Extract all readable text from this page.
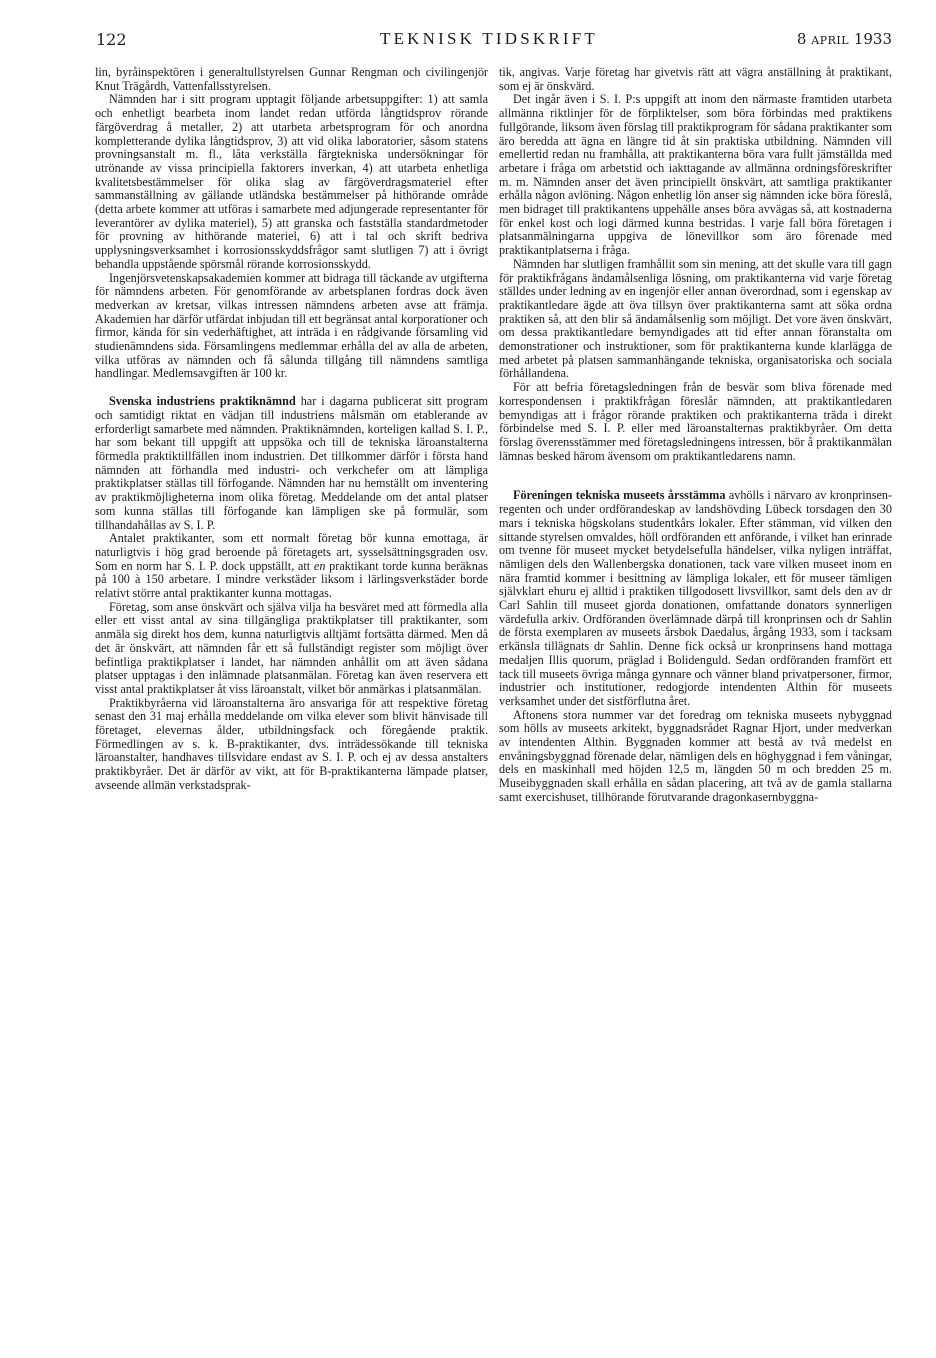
122	TEKNISK TIDSKRIFT	8 APRIL 1933

lin, byråinspektören i generaltullstyrelsen Gunnar Rengman och civilingenjör Knut Trägårdh, Vattenfallsstyrelsen.

Nämnden har i sitt program upptagit följande arbetsuppgifter: 1) att samla och enhetligt bearbeta inom landet redan utförda långtidsprov rörande färgöverdrag å metaller, 2) att utarbeta arbetsprogram för och anordna kompletterande dylika långtidsprov, 3) att vid olika laboratorier, såsom statens provningsanstalt m. fl., låta verkställa färgtekniska undersökningar för utrönande av vissa principiella faktorers inverkan, 4) att utarbeta enhetliga kvalitetsbestämmelser för olika slag av färgöverdragsmateriel efter sammanställning av gällande utländska bestämmelser på hithörande område (detta arbete kommer att utföras i samarbete med adjungerade representanter för leverantörer av dylika materiel), 5) att granska och fastställa standardmetoder för provning av hithörande materiel, 6) att i tal och skrift bedriva upplysningsverksamhet i korrosionsskyddsfrågor samt slutligen 7) att i övrigt behandla uppstående spörsmål rörande korrosionsskydd.

Ingenjörsvetenskapsakademien kommer att bidraga till täckande av utgifterna för nämndens arbeten. För genomförande av arbetsplanen fordras dock även medverkan av kretsar, vilkas intressen nämndens arbeten avse att främja. Akademien har därför utfärdat inbjudan till ett begränsat antal korporationer och firmor, kända för sin vederhäftighet, att inträda i en rådgivande församling vid studienämndens sida. Församlingens medlemmar erhålla del av alla de arbeten, vilka utföras av nämnden och få sålunda tillgång till nämndens samtliga handlingar. Medlemsavgiften är 100 kr.

Svenska industriens praktiknämnd har i dagarna publicerat sitt program och samtidigt riktat en vädjan till industriens målsmän om etablerande av erforderligt samarbete med nämnden. Praktiknämnden, korteligen kallad S. I. P., har som bekant till uppgift att uppsöka och till de tekniska läroanstalterna förmedla praktiktillfällen inom industrien. Det tillkommer därför i första hand nämnden att förhandla med industri- och verkchefer om att lämpliga praktikplatser ställas till förfogande. Nämnden har nu hemställt om inventering av praktikmöjligheterna inom olika företag. Meddelande om det antal platser som kunna ställas till förfogande kan lämpligen ske på formulär, som tillhandahållas av S. I. P.

Antalet praktikanter, som ett normalt företag bör kunna emottaga, är naturligtvis i hög grad beroende på företagets art, sysselsättningsgraden osv. Som en norm har S. I. P. dock uppställt, att en praktikant torde kunna beräknas på 100 à 150 arbetare. I mindre verkstäder liksom i lärlingsverkstäder borde relativt större antal praktikanter kunna mottagas.

Företag, som anse önskvärt och själva vilja ha besväret med att förmedla alla eller ett visst antal av sina tillgängliga praktikplatser till praktikanter, som anmäla sig direkt hos dem, kunna naturligtvis alltjämt fortsätta därmed. Men då det är önskvärt, att nämnden får ett så fullständigt register som möjligt över befintliga praktikplatser i landet, har nämnden anhållit om att även sådana platser upptagas i den inlämnade platsanmälan. Företag kan även reservera ett visst antal praktikplatser åt viss läroanstalt, vilket bör anmärkas i platsanmälan.

Praktikbyråerna vid läroanstalterna äro ansvariga för att respektive företag senast den 31 maj erhålla meddelande om vilka elever som blivit hänvisade till företaget, elevernas ålder, utbildningsfack och föregående praktik. Förmedlingen av s. k. B-praktikanter, dvs. inträdessökande till tekniska läroanstalter, handhaves tillsvidare endast av S. I. P. och ej av dessa anstalters praktikbyråer. Det är därför av vikt, att för B-praktikanterna lämpade platser, avseende allmän verkstadsprak-

tik, angivas. Varje företag har givetvis rätt att vägra anställning åt praktikant, som ej är önskvärd.

Det ingår även i S. I. P:s uppgift att inom den närmaste framtiden utarbeta allmänna riktlinjer för de förpliktelser, som böra förbindas med praktikens fullgörande, liksom även förslag till praktikprogram för sådana praktikanter som äro beredda att ägna en längre tid åt sin praktiska utbildning. Nämnden vill emellertid redan nu framhålla, att praktikanterna böra vara fullt jämställda med arbetare i fråga om arbetstid och iakttagande av allmänna ordningsföreskrifter m. m. Nämnden anser det även principiellt önskvärt, att samtliga praktikanter erhålla någon avlöning. Någon enhetlig lön anser sig nämnden icke böra föreslå, men bidraget till praktikantens uppehälle anses böra avvägas så, att kostnaderna för enkel kost och logi därmed kunna bestridas. I varje fall böra företagen i platsanmälningarna uppgiva de lönevillkor som äro förenade med praktikantplatserna i fråga.

Nämnden har slutligen framhållit som sin mening, att det skulle vara till gagn för praktikfrågans ändamålsenliga lösning, om praktikanterna vid varje företag ställdes under ledning av en ingenjör eller annan överordnad, som i egenskap av praktikantledare ägde att öva tillsyn över praktikanterna samt att söka ordna praktiken så, att den blir så ändamålsenlig som möjligt. Det vore även önskvärt, om dessa praktikantledare bemyndigades att tid efter annan föranstalta om demonstrationer och instruktioner, som för praktikanterna kunde klarlägga de med arbetet på platsen sammanhängande tekniska, organisatoriska och sociala förhållandena.

För att befria företagsledningen från de besvär som bliva förenade med korrespondensen i praktikfrågan föreslår nämnden, att praktikantledaren bemyndigas att i frågor rörande praktiken och praktikanterna träda i direkt förbindelse med S. I. P. eller med läroanstalternas praktikbyråer. Om detta förslag överensstämmer med företagsledningens intressen, bör å praktikanmälan lämnas besked härom ävensom om praktikantledarens namn.

Föreningen tekniska museets årsstämma avhölls i närvaro av kronprinsen-regenten och under ordförandeskap av landshövding Lübeck torsdagen den 30 mars i tekniska högskolans studentkårs lokaler. Efter stämman, vid vilken den sittande styrelsen omvaldes, höll ordföranden ett anförande, i vilket han erinrade om tvenne för museet mycket betydelsefulla händelser, vilka nyligen inträffat, nämligen dels den Wallenbergska donationen, tack vare vilken museet inom en nära framtid kommer i besittning av lämpliga lokaler, ett för museer tämligen självklart ehuru ej alltid i praktiken tillgodosett livsvillkor, samt dels den av dr Carl Sahlin till museet gjorda donationen, omfattande donators synnerligen värdefulla arkiv. Ordföranden överlämnade därpå till kronprinsen och dr Sahlin de första exemplaren av museets årsbok Daedalus, årgång 1933, som i tacksam erkänsla tillägnats dr Sahlin. Denne fick också ur kronprinsens hand mottaga medaljen Illis quorum, präglad i Bolidenguld. Sedan ordföranden framfört ett tack till museets övriga många gynnare och vänner bland privatpersoner, firmor, industrier och institutioner, redogjorde intendenten Althin för museets verksamhet under det sistförflutna året.

Aftonens stora nummer var det foredrag om tekniska museets nybyggnad som hölls av museets arkitekt, byggnadsrådet Ragnar Hjort, under medverkan av intendenten Althin. Byggnaden kommer att bestå av två medelst en envåningsbyggnad förenade delar, nämligen dels en höghyggnad i fem våningar, dels en maskinhall med höjden 12,5 m, längden 50 m och bredden 25 m. Museibyggnaden skall erhålla en sådan placering, att två av de gamla stallarna samt exercishuset, tillhörande förutvarande dragonkasernbyggna-
